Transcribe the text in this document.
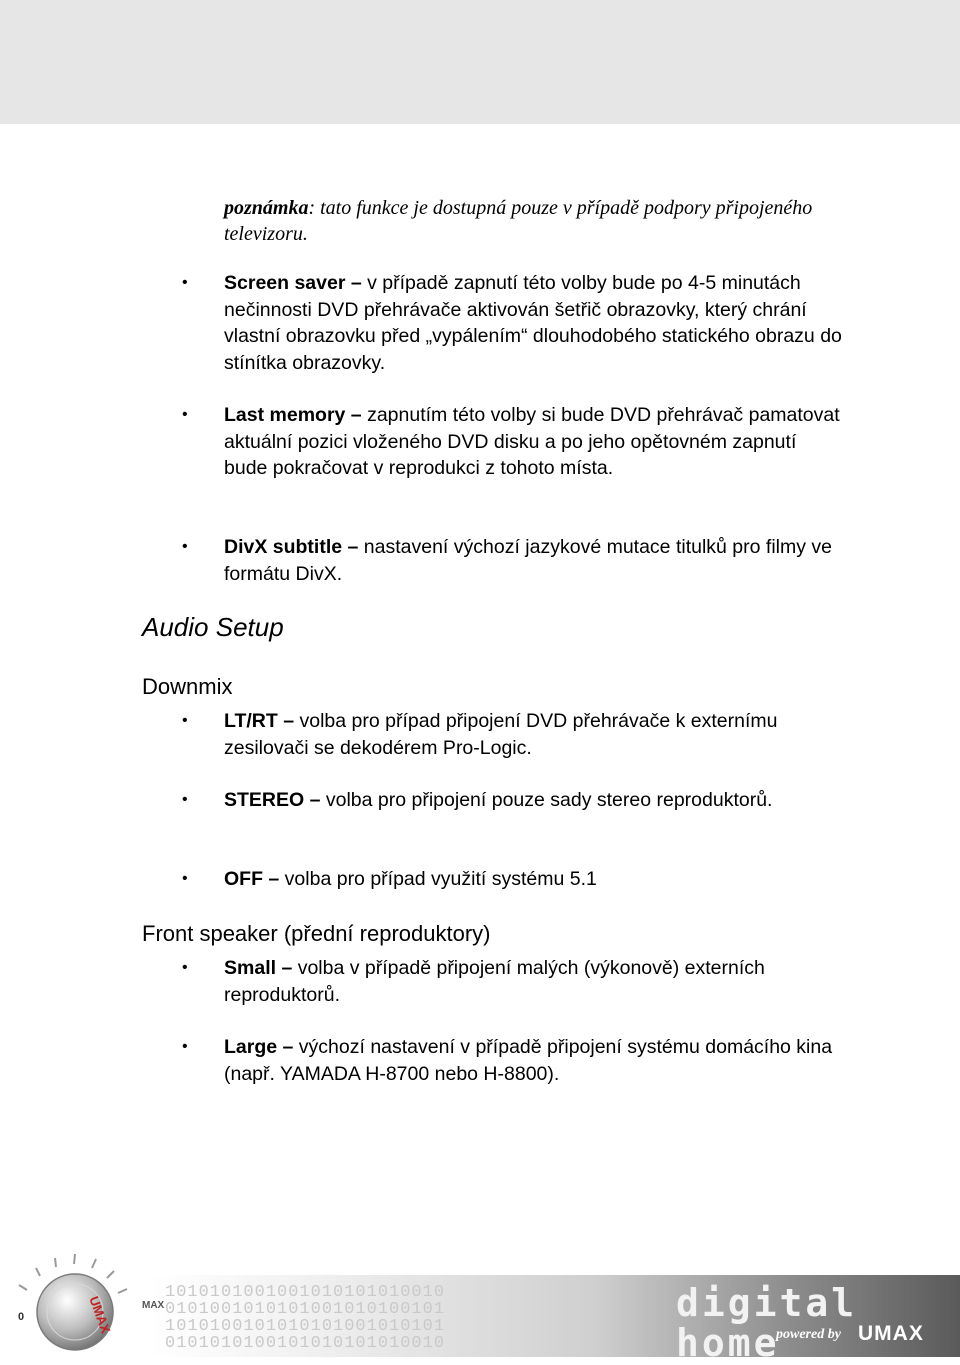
poznámka: tato funkce je dostupná pouze v případě podpory připojeného televizoru.
• Screen saver – v případě zapnutí této volby bude po 4-5 minutách nečinnosti DVD přehrávače aktivován šetřič obrazovky, který chrání vlastní obrazovku před „vypálením“ dlouhodobého statického obrazu do stínítka obrazovky.
• Last memory – zapnutím této volby si bude DVD přehrávač pamatovat aktuální pozici vloženého DVD disku a po jeho opětovném zapnutí bude pokračovat v reprodukci z tohoto místa.
• DivX subtitle – nastavení výchozí jazykové mutace titulků pro filmy ve formátu DivX.
Audio Setup
Downmix
• LT/RT – volba pro případ připojení DVD přehrávače k externímu zesilovači se dekodérem Pro-Logic.
• STEREO – volba pro připojení pouze sady stereo reproduktorů.
• OFF – volba pro případ využití systému 5.1
Front speaker (přední reproduktory)
• Small – volba v případě připojení malých (výkonově) externích reproduktorů.
• Large – výchozí nastavení v případě připojení systému domácího kina (např. YAMADA H-8700 nebo H-8800).
1010101001001010101010010
0101001010101001010100101
1010100101010101001010101
0101010100101010101010010
UMAX
0
MAX	digital home
powered by UMAX
